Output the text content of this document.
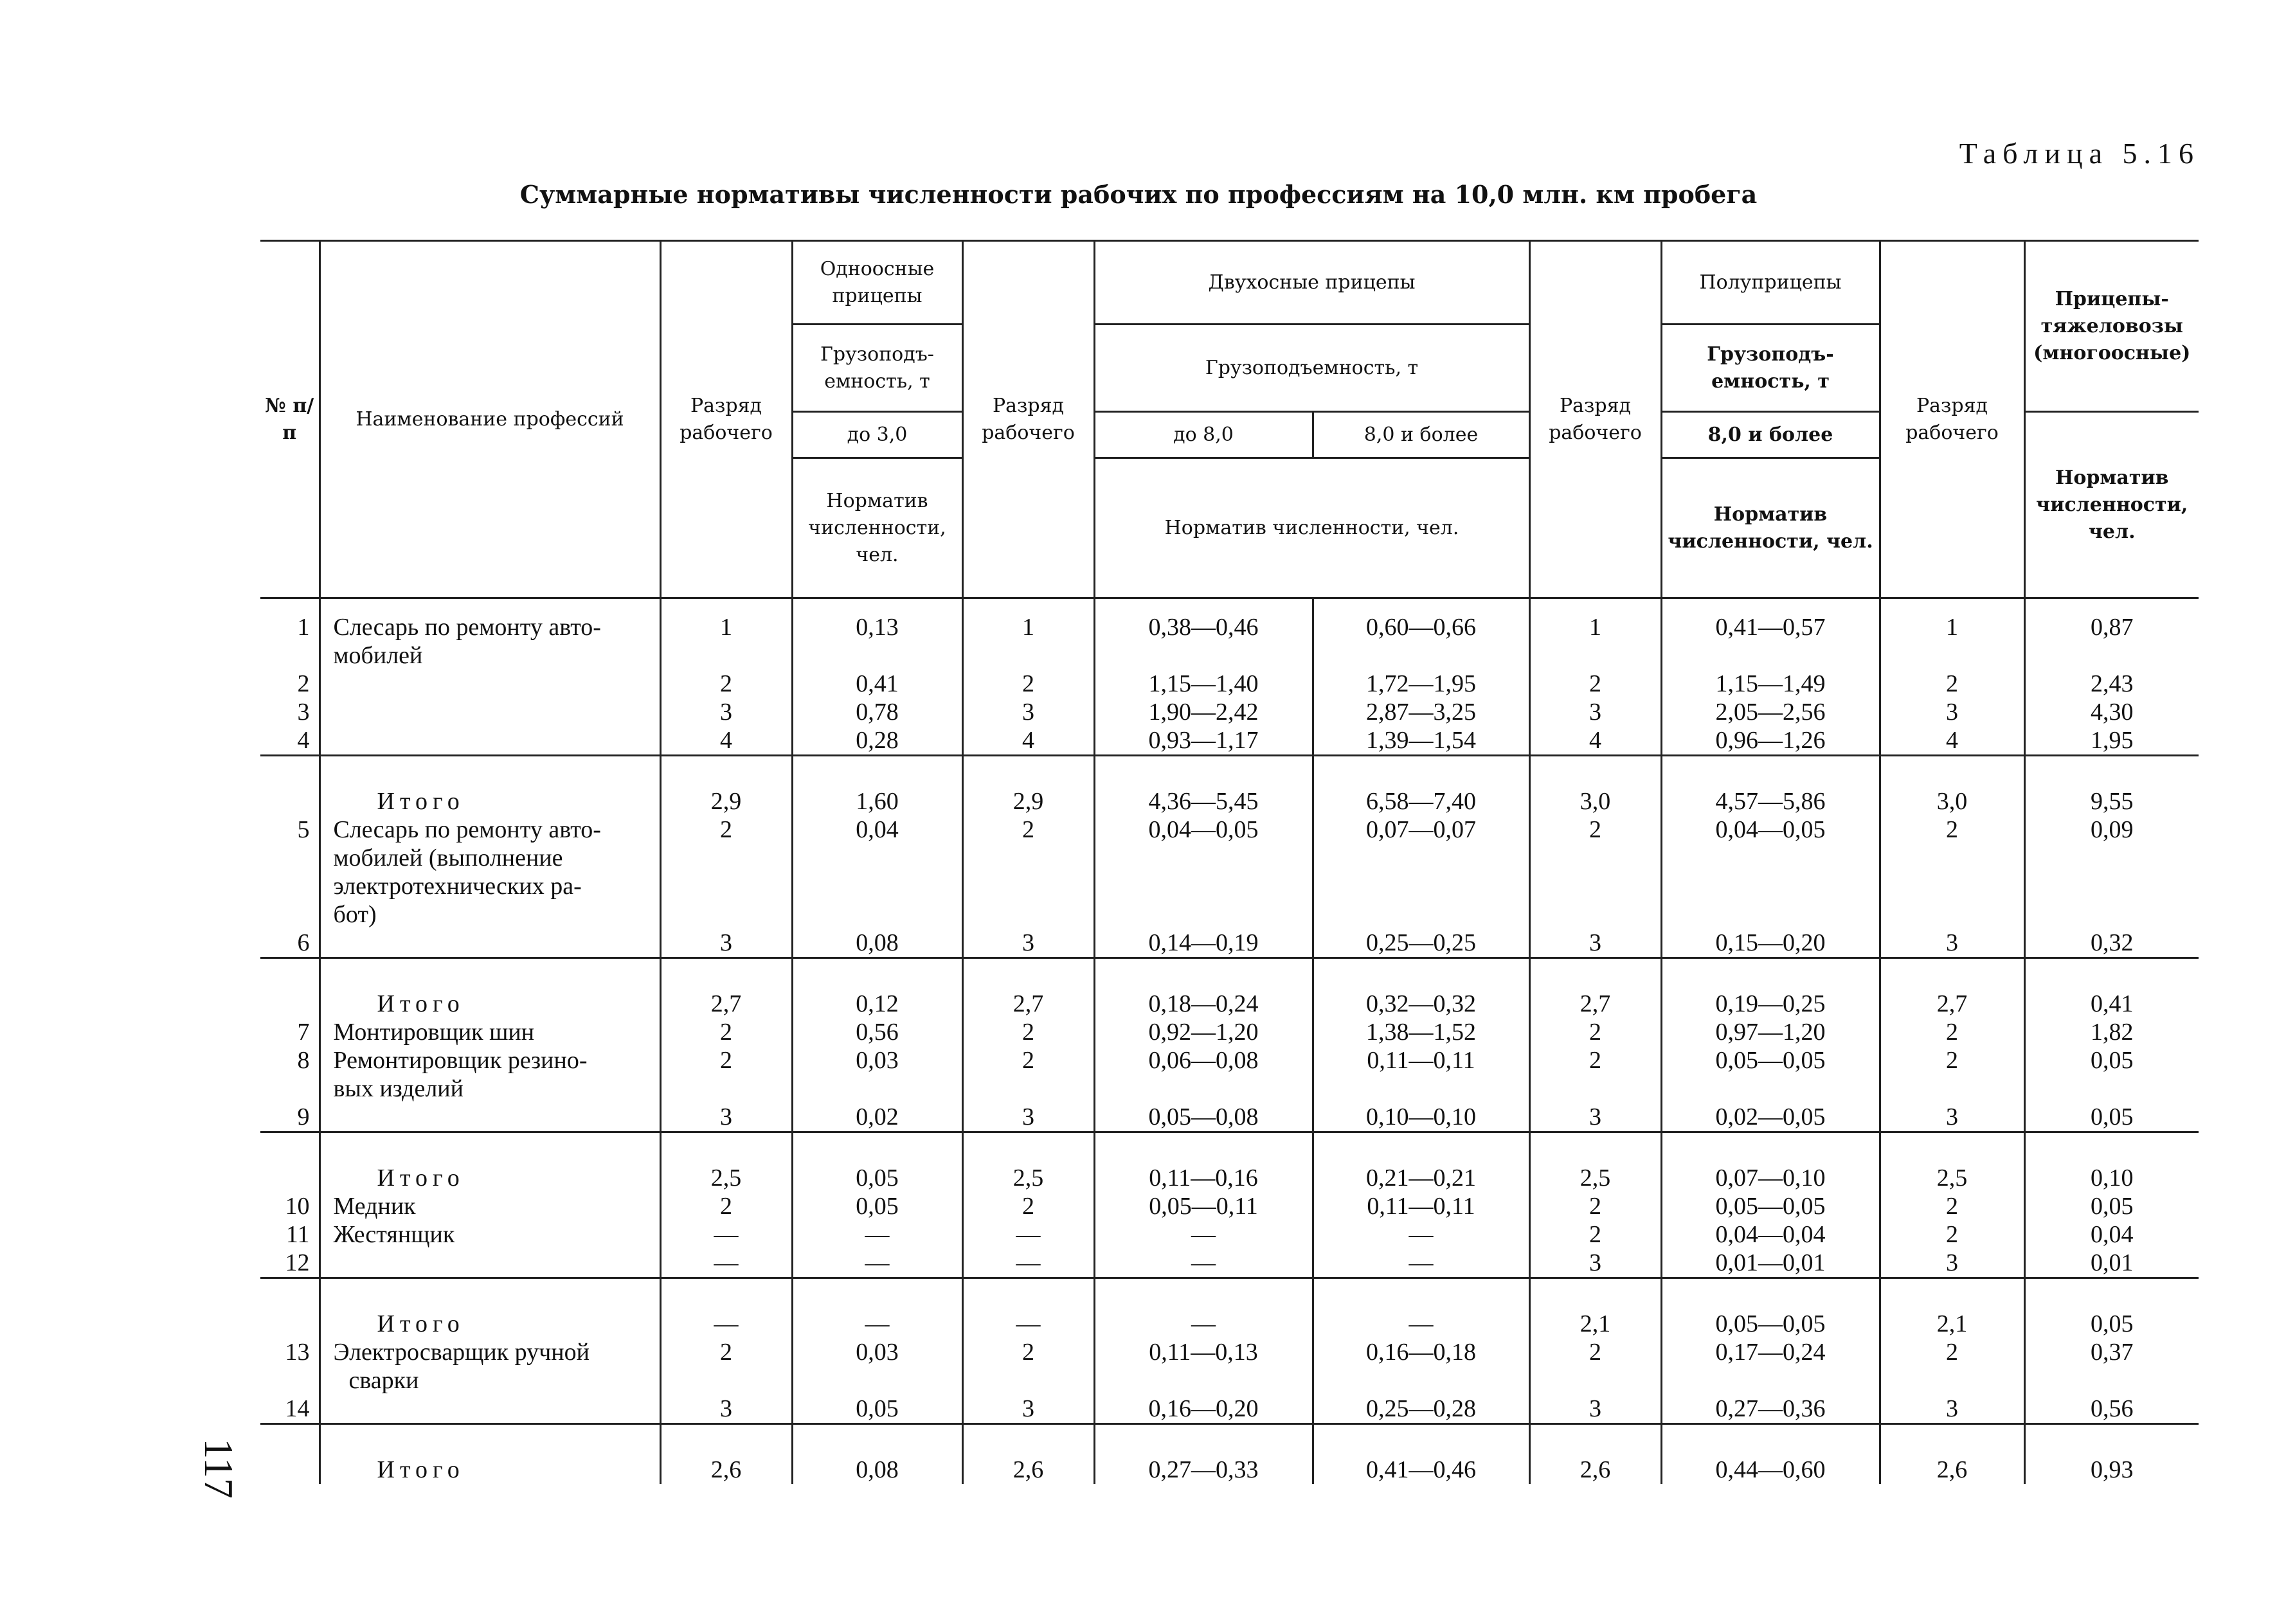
Таблица 5.16
Суммарные нормативы численности рабочих по профессиям на 10,0 млн. км пробега
117
№ п/п	Наименование профессий	Разряд рабочего	Одноосные прицепы	Разряд рабочего	Двухосные прицепы		Разряд рабочего	Полуприцепы	Разряд рабочего	Прицепы-тяжеловозы (многоосные)
			Грузоподъ-емность, т		Грузоподъемность, т			Грузоподъ-емность, т		
			до 3,0		до 8,0	8,0 и более		8,0 и более		Норматив численности, чел.
			Норматив численности, чел.		Норматив численности, чел.			Норматив численности, чел.		
1	Слесарь по ремонту авто-	1	0,13	1	0,38—0,46	0,60—0,66	1	0,41—0,57	1	0,87
	мобилей									
2		2	0,41	2	1,15—1,40	1,72—1,95	2	1,15—1,49	2	2,43
3		3	0,78	3	1,90—2,42	2,87—3,25	3	2,05—2,56	3	4,30
4		4	0,28	4	0,93—1,17	1,39—1,54	4	0,96—1,26	4	1,95
	Итого	2,9	1,60	2,9	4,36—5,45	6,58—7,40	3,0	4,57—5,86	3,0	9,55
5	Слесарь по ремонту авто-	2	0,04	2	0,04—0,05	0,07—0,07	2	0,04—0,05	2	0,09
	мобилей (выполнение									
	электротехнических ра-									
	бот)									
6		3	0,08	3	0,14—0,19	0,25—0,25	3	0,15—0,20	3	0,32
	Итого	2,7	0,12	2,7	0,18—0,24	0,32—0,32	2,7	0,19—0,25	2,7	0,41
7	Монтировщик шин	2	0,56	2	0,92—1,20	1,38—1,52	2	0,97—1,20	2	1,82
8	Ремонтировщик резино-	2	0,03	2	0,06—0,08	0,11—0,11	2	0,05—0,05	2	0,05
	вых изделий									
9		3	0,02	3	0,05—0,08	0,10—0,10	3	0,02—0,05	3	0,05
	Итого	2,5	0,05	2,5	0,11—0,16	0,21—0,21	2,5	0,07—0,10	2,5	0,10
10	Медник	2	0,05	2	0,05—0,11	0,11—0,11	2	0,05—0,05	2	0,05
11	Жестянщик	—	—	—	—	—	2	0,04—0,04	2	0,04
12		—	—	—	—	—	3	0,01—0,01	3	0,01
	Итого	—	—	—	—	—	2,1	0,05—0,05	2,1	0,05
13	Электросварщик ручной	2	0,03	2	0,11—0,13	0,16—0,18	2	0,17—0,24	2	0,37
	сварки									
14		3	0,05	3	0,16—0,20	0,25—0,28	3	0,27—0,36	3	0,56
	Итого	2,6	0,08	2,6	0,27—0,33	0,41—0,46	2,6	0,44—0,60	2,6	0,93
